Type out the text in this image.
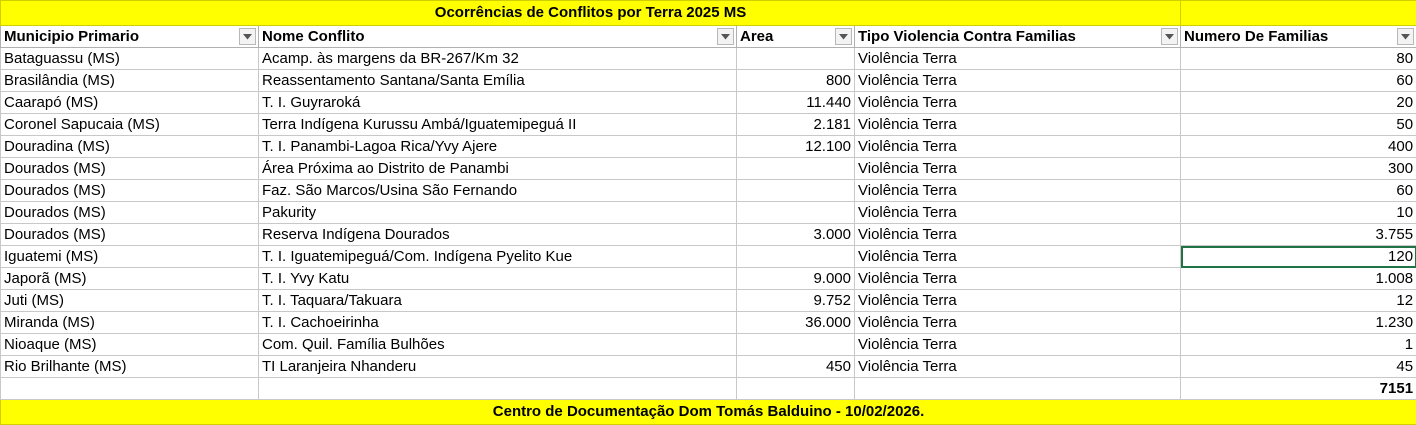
Ocorrências de Conflitos por Terra 2025 MS				
Municipio Primario	Nome Conflito	Area	Tipo Violencia Contra Familias	Numero De Familias

Bataguassu (MS)	Acamp. às margens da BR-267/Km 32		Violência Terra	80
Brasilândia (MS)	Reassentamento Santana/Santa Emília	800	Violência Terra	60
Caarapó (MS)	T. I. Guyraroká	11.440	Violência Terra	20
Coronel Sapucaia (MS)	Terra Indígena Kurussu Ambá/Iguatemipeguá II	2.181	Violência Terra	50
Douradina (MS)	T. I. Panambi-Lagoa Rica/Yvy Ajere	12.100	Violência Terra	400
Dourados (MS)	Área Próxima ao Distrito de Panambi		Violência Terra	300
Dourados (MS)	Faz. São Marcos/Usina São Fernando		Violência Terra	60
Dourados (MS)	Pakurity		Violência Terra	10
Dourados (MS)	Reserva Indígena Dourados	3.000	Violência Terra	3.755
Iguatemi (MS)	T. I. Iguatemipeguá/Com. Indígena Pyelito Kue		Violência Terra	120
Japorã (MS)	T. I. Yvy Katu	9.000	Violência Terra	1.008
Juti (MS)	T. I. Taquara/Takuara	9.752	Violência Terra	12
Miranda (MS)	T. I. Cachoeirinha	36.000	Violência Terra	1.230
Nioaque (MS)	Com. Quil. Família Bulhões		Violência Terra	1
Rio Brilhante (MS)	TI Laranjeira Nhanderu	450	Violência Terra	45
				7151
Centro de Documentação Dom Tomás Balduino - 10/02/2026.				
